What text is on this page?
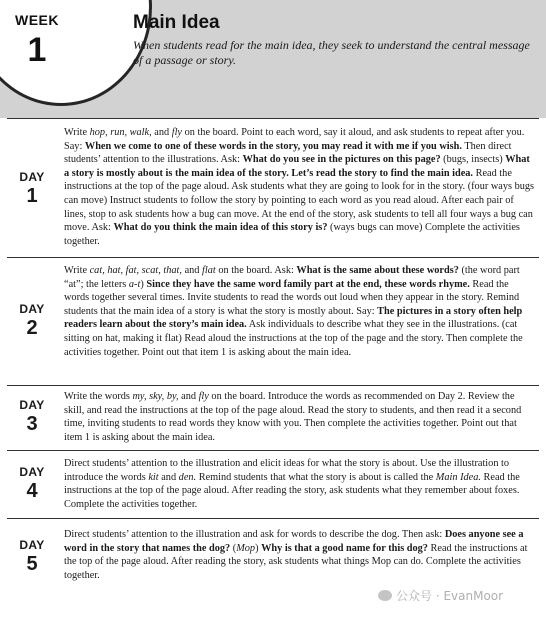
WEEK
1
Main Idea
When students read for the main idea, they seek to understand the central message of a passage or story.
DAY
1
Write hop, run, walk, and fly on the board. Point to each word, say it aloud, and ask students to repeat after you. Say: When we come to one of these words in the story, you may read it with me if you wish. Then direct students’ attention to the illustrations. Ask: What do you see in the pictures on this page? (bugs, insects) What a story is mostly about is the main idea of the story. Let’s read the story to find the main idea. Read the instructions at the top of the page aloud. Ask students what they are going to look for in the story. (four ways bugs can move) Instruct students to follow the story by pointing to each word as you read aloud. After each pair of lines, stop to ask students how a bug can move. At the end of the story, ask students to tell all four ways a bug can move. Ask: What do you think the main idea of this story is? (ways bugs can move) Complete the activities together.
DAY
2
Write cat, hat, fat, scat, that, and flat on the board. Ask: What is the same about these words? (the word part “at”; the letters a-t) Since they have the same word family part at the end, these words rhyme. Read the words together several times. Invite students to read the words out loud when they appear in the story. Remind students that the main idea of a story is what the story is mostly about. Say: The pictures in a story often help readers learn about the story’s main idea. Ask individuals to describe what they see in the illustrations. (cat sitting on hat, making it flat) Read aloud the instructions at the top of the page and the story. Then complete the activities together. Point out that item 1 is asking about the main idea.
DAY
3
Write the words my, sky, by, and fly on the board. Introduce the words as recommended on Day 2. Review the skill, and read the instructions at the top of the page aloud. Read the story to students, and then read it a second time, inviting students to read words they know with you. Then complete the activities together. Point out that item 1 is asking about the main idea.
DAY
4
Direct students’ attention to the illustration and elicit ideas for what the story is about. Use the illustration to introduce the words kit and den. Remind students that what the story is about is called the Main Idea. Read the instructions at the top of the page aloud. After reading the story, ask students what they remember about foxes. Complete the activities together.
DAY
5
Direct students’ attention to the illustration and ask for words to describe the dog. Then ask: Does anyone see a word in the story that names the dog? (Mop) Why is that a good name for this dog? Read the instructions at the top of the page aloud. After reading the story, ask students what things Mop can do. Complete the activities together.
公众号 · EvanMoor
